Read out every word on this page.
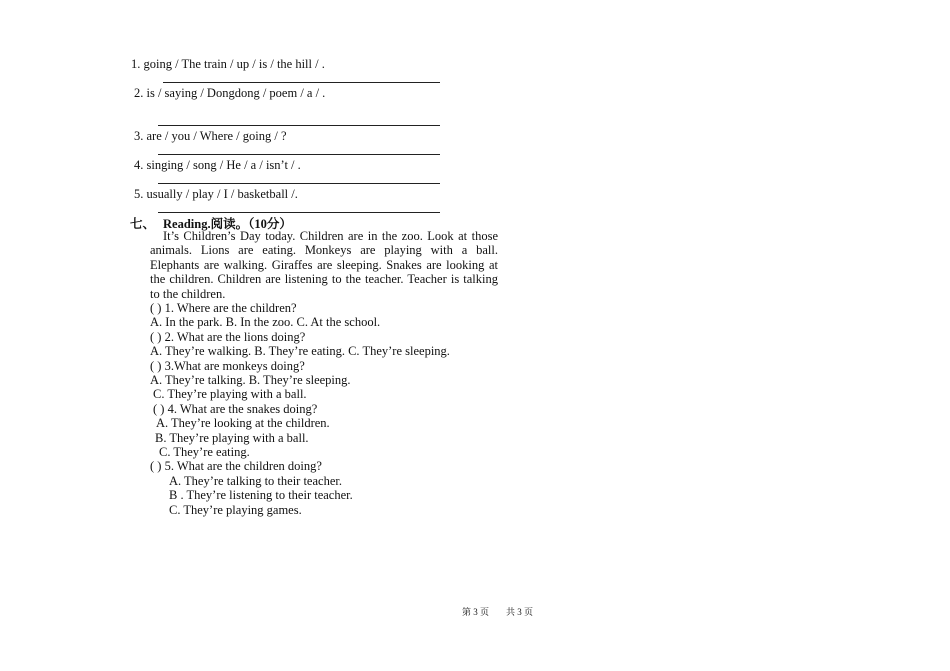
1. going / The train / up / is / the hill / .
2. is / saying / Dongdong / poem / a / .
3. are / you / Where / going / ?
4. singing / song / He / a / isn’t / .
5. usually / play / I / basketball /.
七、 Reading.阅读。（10分）

It’s Children’s Day today. Children are in the zoo. Look at those animals. Lions are eating. Monkeys are playing with a ball. Elephants are walking. Giraffes are sleeping. Snakes are looking at the children. Children are listening to the teacher. Teacher is talking to the children.

( ) 1. Where are the children?
A. In the park. B. In the zoo. C. At the school.
( ) 2. What are the lions doing?
A. They’re walking. B. They’re eating. C. They’re sleeping.
( ) 3.What are monkeys doing?
A. They’re talking. B. They’re sleeping.
C. They’re playing with a ball.
( ) 4. What are the snakes doing?
A. They’re looking at the children.
B. They’re playing with a ball.
C. They’re eating.
( ) 5. What are the children doing?
A. They’re talking to their teacher.
B . They’re listening to their teacher.
C. They’re playing games.
第 3 页 共 3 页
